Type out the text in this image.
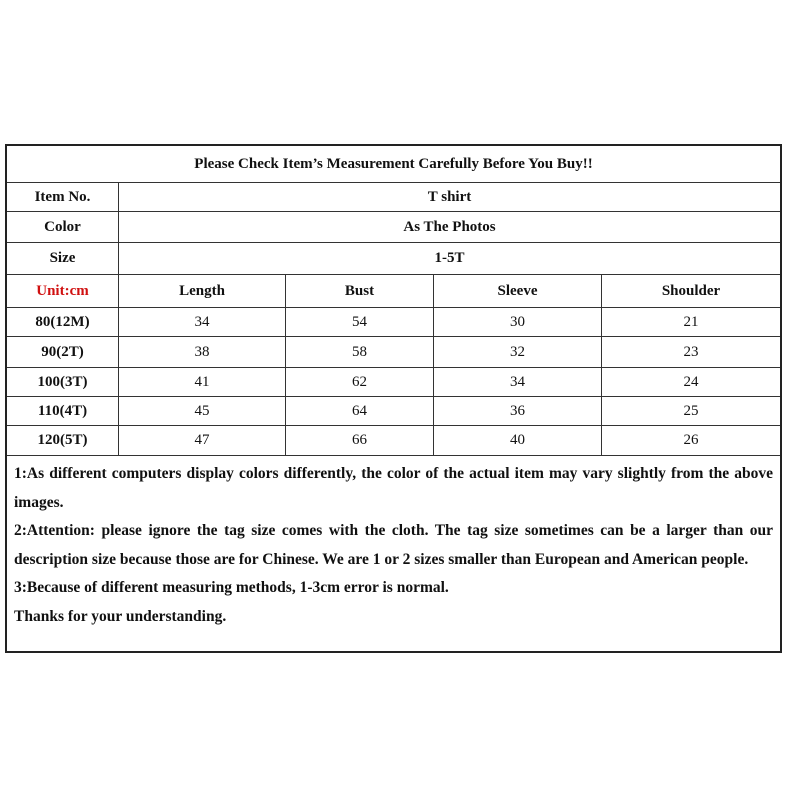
Please Check Item’s Measurement Carefully Before You Buy!!
Item No.	T shirt
Color	As The Photos
Size	1-5T
Unit:cm	Length	Bust	Sleeve	Shoulder
80(12M)	34	54	30	21
90(2T)	38	58	32	23
100(3T)	41	62	34	24
110(4T)	45	64	36	25
120(5T)	47	66	40	26

1:As different computers display colors differently, the color of the actual item may vary slightly from the above images.

2:Attention: please ignore the tag size comes with the cloth. The tag size sometimes can be a larger than our description size because those are for Chinese. We are 1 or 2 sizes smaller than European and American people.

3:Because of different measuring methods, 1-3cm error is normal.

Thanks for your understanding.
